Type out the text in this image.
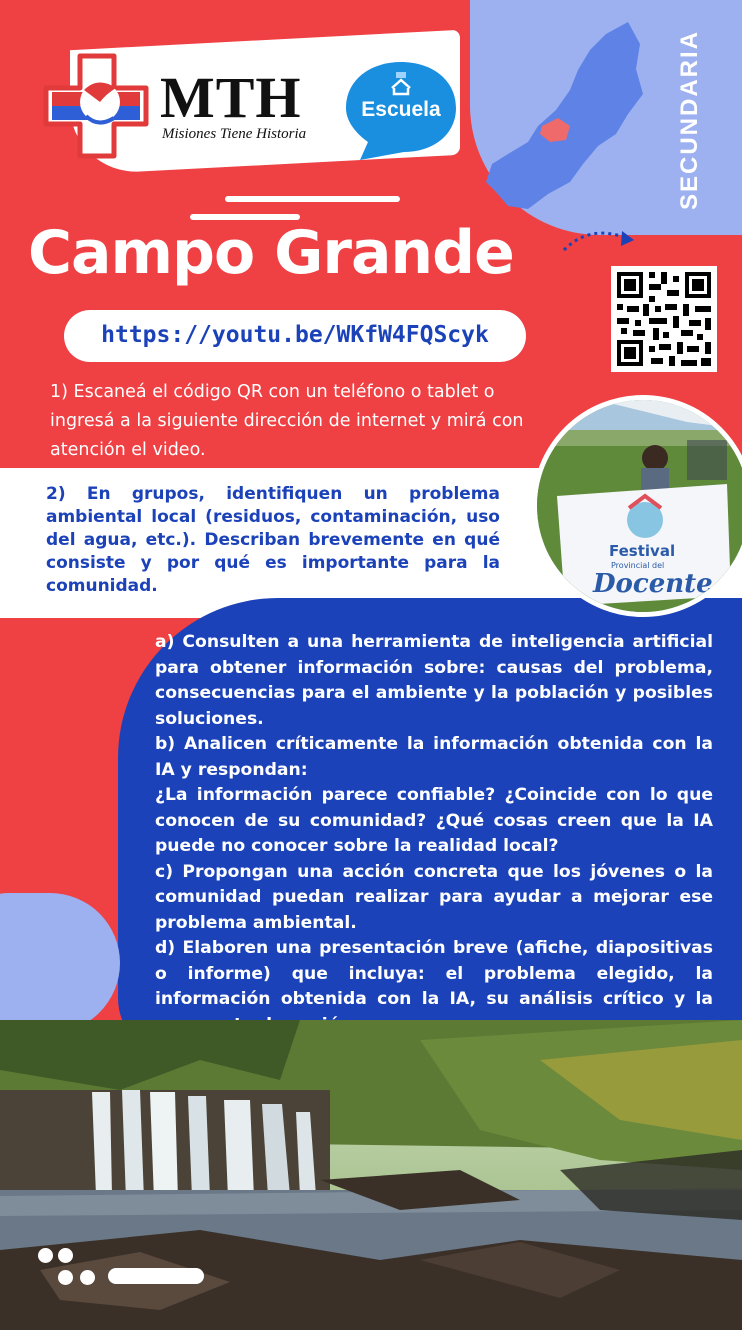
SECUNDARIA
MTH
Misiones Tiene Historia
Escuela
Campo Grande
https://youtu.be/WKfW4FQScyk
1) Escaneá el código QR con un teléfono o tablet o ingresá a la siguiente dirección de internet y mirá con atención el video.
2) En grupos, identifiquen un problema ambiental local (residuos, contaminación, uso del agua, etc.). Describan brevemente en qué consiste y por qué es importante para la comunidad.
Festival
Provincial del
Docente

a) Consulten a una herramienta de inteligencia artificial para obtener información sobre: causas del problema, consecuencias para el ambiente y la población y posibles soluciones.

b) Analicen críticamente la información obtenida con la IA y respondan:

¿La información parece confiable? ¿Coincide con lo que conocen de su comunidad? ¿Qué cosas creen que la IA puede no conocer sobre la realidad local?

c) Propongan una acción concreta que los jóvenes o la comunidad puedan realizar para ayudar a mejorar ese problema ambiental.

d) Elaboren una presentación breve (afiche, diapositivas o informe) que incluya: el problema elegido, la información obtenida con la IA, su análisis crítico y la
